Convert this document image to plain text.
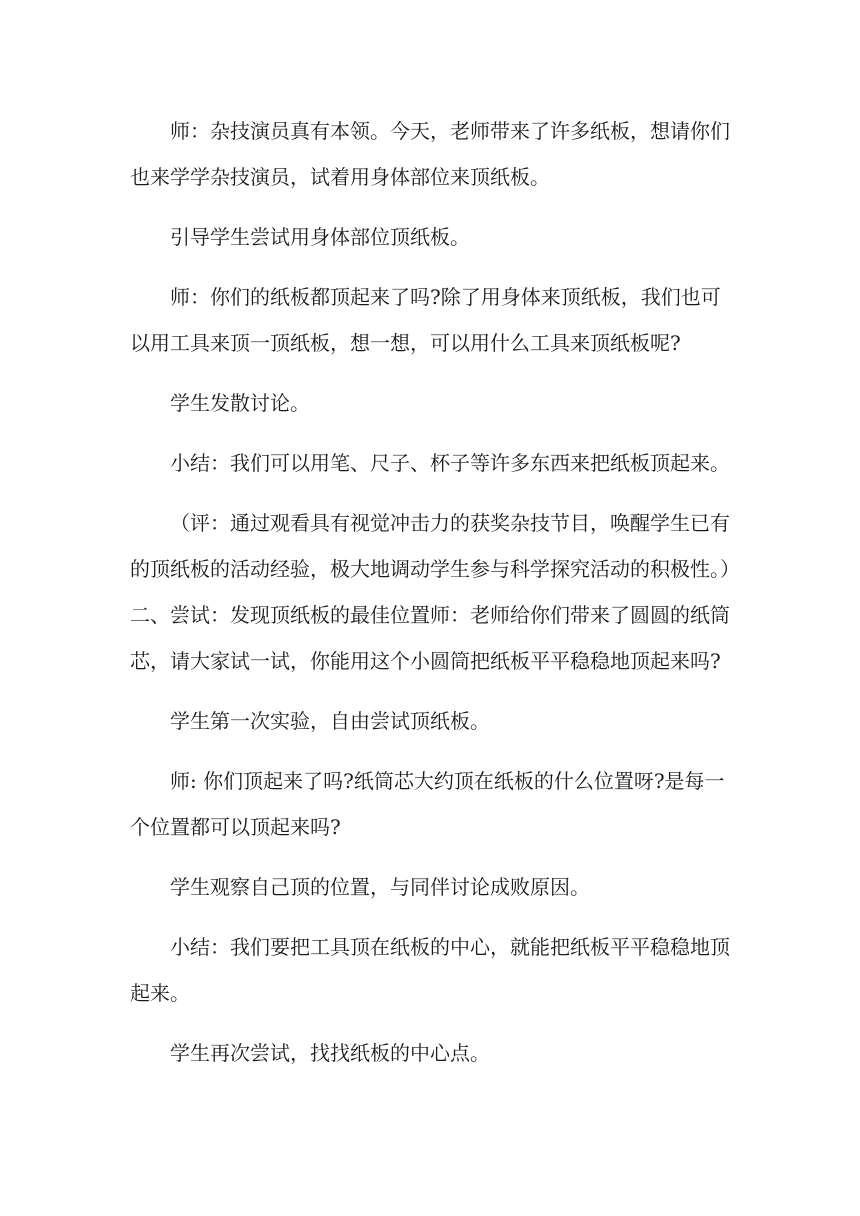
师：杂技演员真有本领。今天，老师带来了许多纸板，想请你们
也来学学杂技演员，试着用身体部位来顶纸板。

引导学生尝试用身体部位顶纸板。

师：你们的纸板都顶起来了吗?除了用身体来顶纸板，我们也可
以用工具来顶一顶纸板，想一想，可以用什么工具来顶纸板呢?

学生发散讨论。

小结：我们可以用笔、尺子、杯子等许多东西来把纸板顶起来。

（评：通过观看具有视觉冲击力的获奖杂技节目，唤醒学生已有
的顶纸板的活动经验，极大地调动学生参与科学探究活动的积极性。）
二、尝试：发现顶纸板的最佳位置师：老师给你们带来了圆圆的纸筒
芯，请大家试一试，你能用这个小圆筒把纸板平平稳稳地顶起来吗?

学生第一次实验，自由尝试顶纸板。

师: 你们顶起来了吗?纸筒芯大约顶在纸板的什么位置呀?是每一
个位置都可以顶起来吗?

学生观察自己顶的位置，与同伴讨论成败原因。

小结：我们要把工具顶在纸板的中心，就能把纸板平平稳稳地顶
起来。

学生再次尝试，找找纸板的中心点。
